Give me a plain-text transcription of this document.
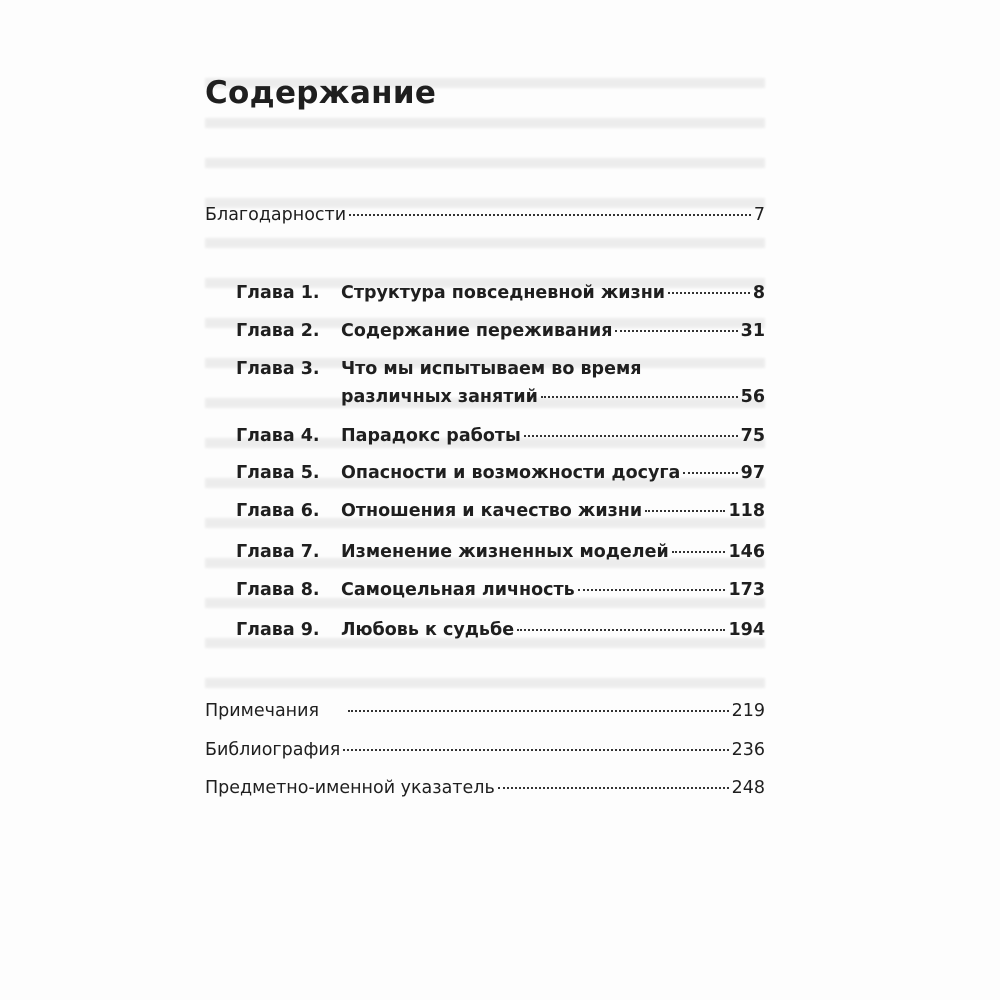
Содержание
Благодарности	7
Глава 1.	Структура повседневной жизни	8
Глава 2.	Содержание переживания	31
Глава 3.	Что мы испытываем во время
различных занятий	56
Глава 4.	Парадокс работы	75
Глава 5.	Опасности и возможности досуга	97
Глава 6.	Отношения и качество жизни	118
Глава 7.	Изменение жизненных моделей	146
Глава 8.	Самоцельная личность	173
Глава 9.	Любовь к судьбе	194
Примечания	219
Библиография	236
Предметно-именной указатель	248
